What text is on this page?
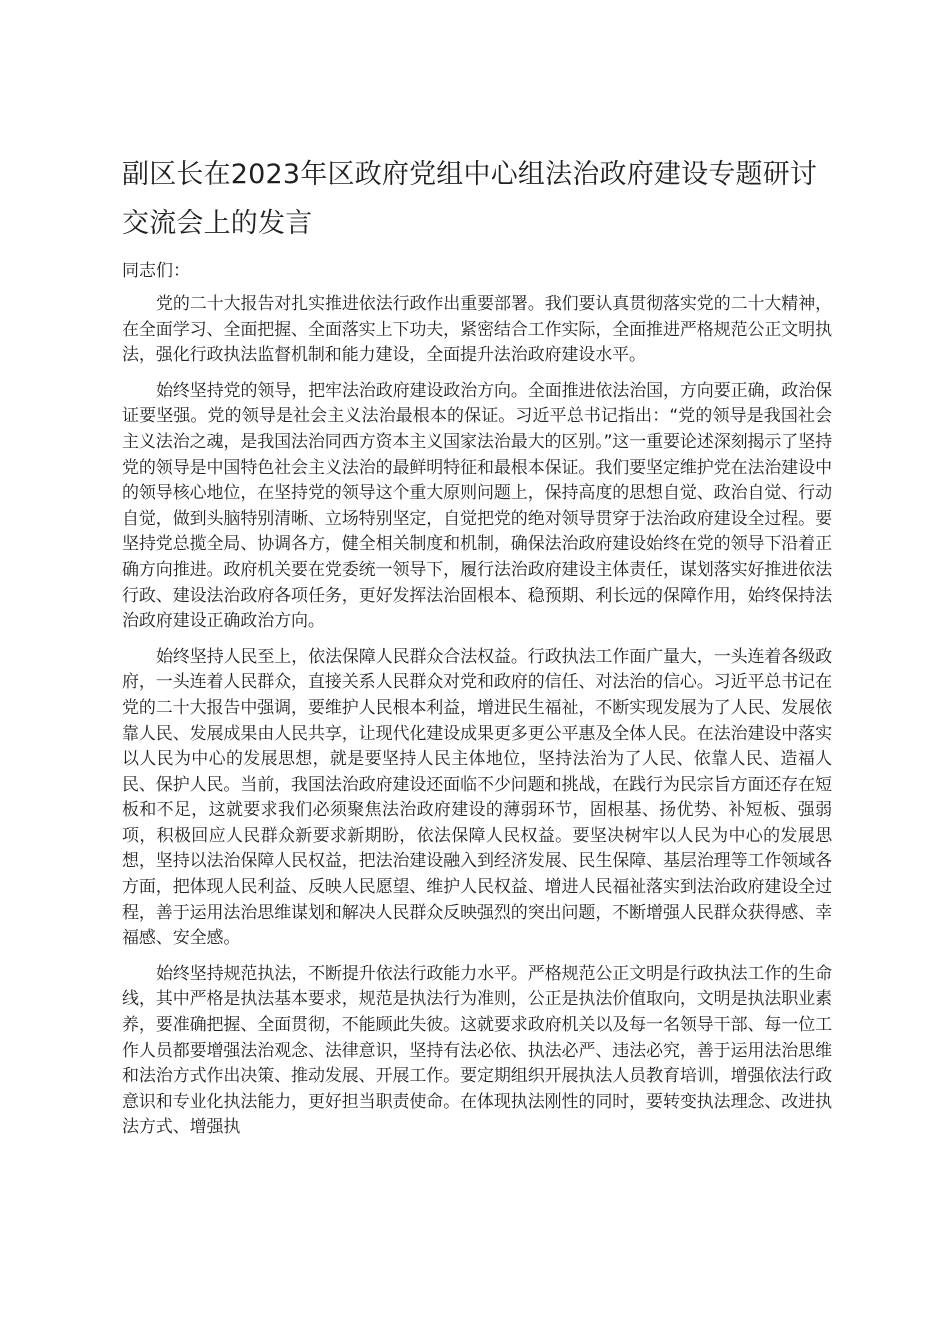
副区长在2023年区政府党组中心组法治政府建设专题研讨交流会上的发言

同志们：

党的二十大报告对扎实推进依法行政作出重要部署。我们要认真贯彻落实党的二十大精神，在全面学习、全面把握、全面落实上下功夫，紧密结合工作实际，全面推进严格规范公正文明执法，强化行政执法监督机制和能力建设，全面提升法治政府建设水平。

始终坚持党的领导，把牢法治政府建设政治方向。全面推进依法治国，方向要正确，政治保证要坚强。党的领导是社会主义法治最根本的保证。习近平总书记指出：“党的领导是我国社会主义法治之魂，是我国法治同西方资本主义国家法治最大的区别。”这一重要论述深刻揭示了坚持党的领导是中国特色社会主义法治的最鲜明特征和最根本保证。我们要坚定维护党在法治建设中的领导核心地位，在坚持党的领导这个重大原则问题上，保持高度的思想自觉、政治自觉、行动自觉，做到头脑特别清晰、立场特别坚定，自觉把党的绝对领导贯穿于法治政府建设全过程。要坚持党总揽全局、协调各方，健全相关制度和机制，确保法治政府建设始终在党的领导下沿着正确方向推进。政府机关要在党委统一领导下，履行法治政府建设主体责任，谋划落实好推进依法行政、建设法治政府各项任务，更好发挥法治固根本、稳预期、利长远的保障作用，始终保持法治政府建设正确政治方向。

始终坚持人民至上，依法保障人民群众合法权益。行政执法工作面广量大，一头连着各级政府，一头连着人民群众，直接关系人民群众对党和政府的信任、对法治的信心。习近平总书记在党的二十大报告中强调，要维护人民根本利益，增进民生福祉，不断实现发展为了人民、发展依靠人民、发展成果由人民共享，让现代化建设成果更多更公平惠及全体人民。在法治建设中落实以人民为中心的发展思想，就是要坚持人民主体地位，坚持法治为了人民、依靠人民、造福人民、保护人民。当前，我国法治政府建设还面临不少问题和挑战，在践行为民宗旨方面还存在短板和不足，这就要求我们必须聚焦法治政府建设的薄弱环节，固根基、扬优势、补短板、强弱项，积极回应人民群众新要求新期盼，依法保障人民权益。要坚决树牢以人民为中心的发展思想，坚持以法治保障人民权益，把法治建设融入到经济发展、民生保障、基层治理等工作领域各方面，把体现人民利益、反映人民愿望、维护人民权益、增进人民福祉落实到法治政府建设全过程，善于运用法治思维谋划和解决人民群众反映强烈的突出问题，不断增强人民群众获得感、幸福感、安全感。

始终坚持规范执法，不断提升依法行政能力水平。严格规范公正文明是行政执法工作的生命线，其中严格是执法基本要求，规范是执法行为准则，公正是执法价值取向，文明是执法职业素养，要准确把握、全面贯彻，不能顾此失彼。这就要求政府机关以及每一名领导干部、每一位工作人员都要增强法治观念、法律意识，坚持有法必依、执法必严、违法必究，善于运用法治思维和法治方式作出决策、推动发展、开展工作。要定期组织开展执法人员教育培训，增强依法行政意识和专业化执法能力，更好担当职责使命。在体现执法刚性的同时，要转变执法理念、改进执法方式、增强执
